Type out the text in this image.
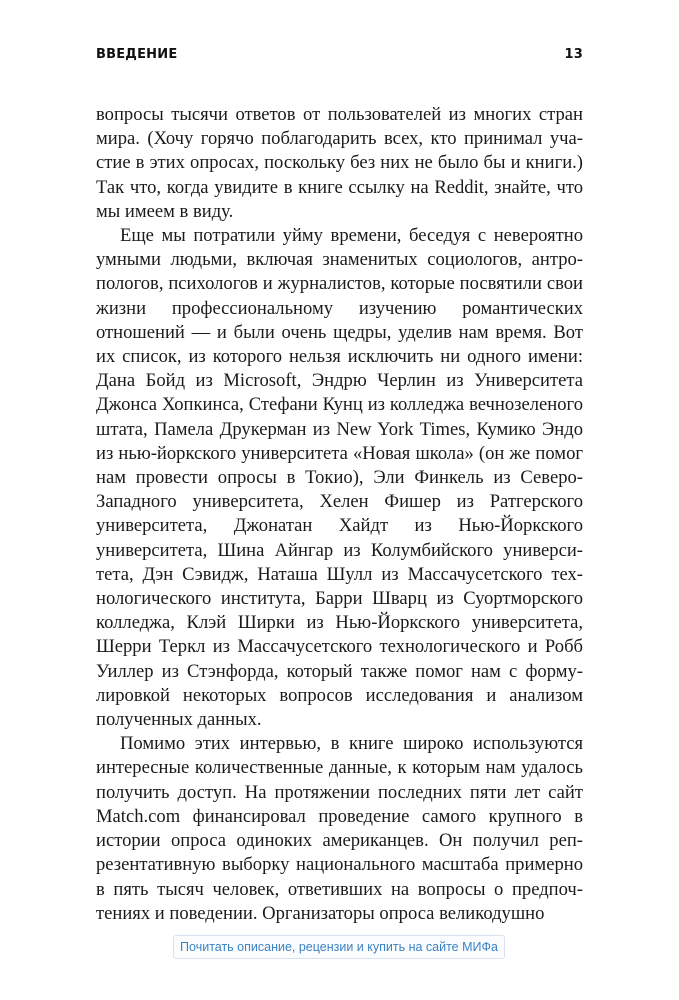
ВВЕДЕНИЕ	13

вопросы тысячи ответов от пользователей из многих стран мира. (Хочу горячо поблагодарить всех, кто принимал участие в этих опросах, поскольку без них не было бы и книги.) Так что, когда увидите в книге ссылку на Reddit, знайте, что мы имеем в виду.

Еще мы потратили уйму времени, беседуя с невероятно умными людьми, включая знаменитых социологов, антропологов, психологов и журналистов, которые посвятили свои жизни профессиональному изучению романтических отношений — и были очень щедры, уделив нам время. Вот их список, из которого нельзя исключить ни одного имени: Дана Бойд из Microsoft, Эндрю Черлин из Университета Джонса Хопкинса, Стефани Кунц из колледжа вечнозеленого штата, Памела Друкерман из New York Times, Кумико Эндо из нью-йоркского университета «Новая школа» (он же помог нам провести опросы в Токио), Эли Финкель из Северо-Западного университета, Хелен Фишер из Ратгерского университета, Джонатан Хайдт из Нью-Йоркского университета, Шина Айнгар из Колумбийского университета, Дэн Сэвидж, Наташа Шулл из Массачусетского технологического института, Барри Шварц из Суортморского колледжа, Клэй Ширки из Нью-Йоркского университета, Шерри Теркл из Массачусетского технологического и Робб Уиллер из Стэнфорда, который также помог нам с формулировкой некоторых вопросов исследования и анализом полученных данных.

Помимо этих интервью, в книге широко используются интересные количественные данные, к которым нам удалось получить доступ. На протяжении последних пяти лет сайт Match.com финансировал проведение самого крупного в истории опроса одиноких американцев. Он получил репрезентативную выборку национального масштаба примерно в пять тысяч человек, ответивших на вопросы о предпочтениях и поведении. Организаторы опроса великодушно

Почитать описание, рецензии и купить на сайте МИФа
